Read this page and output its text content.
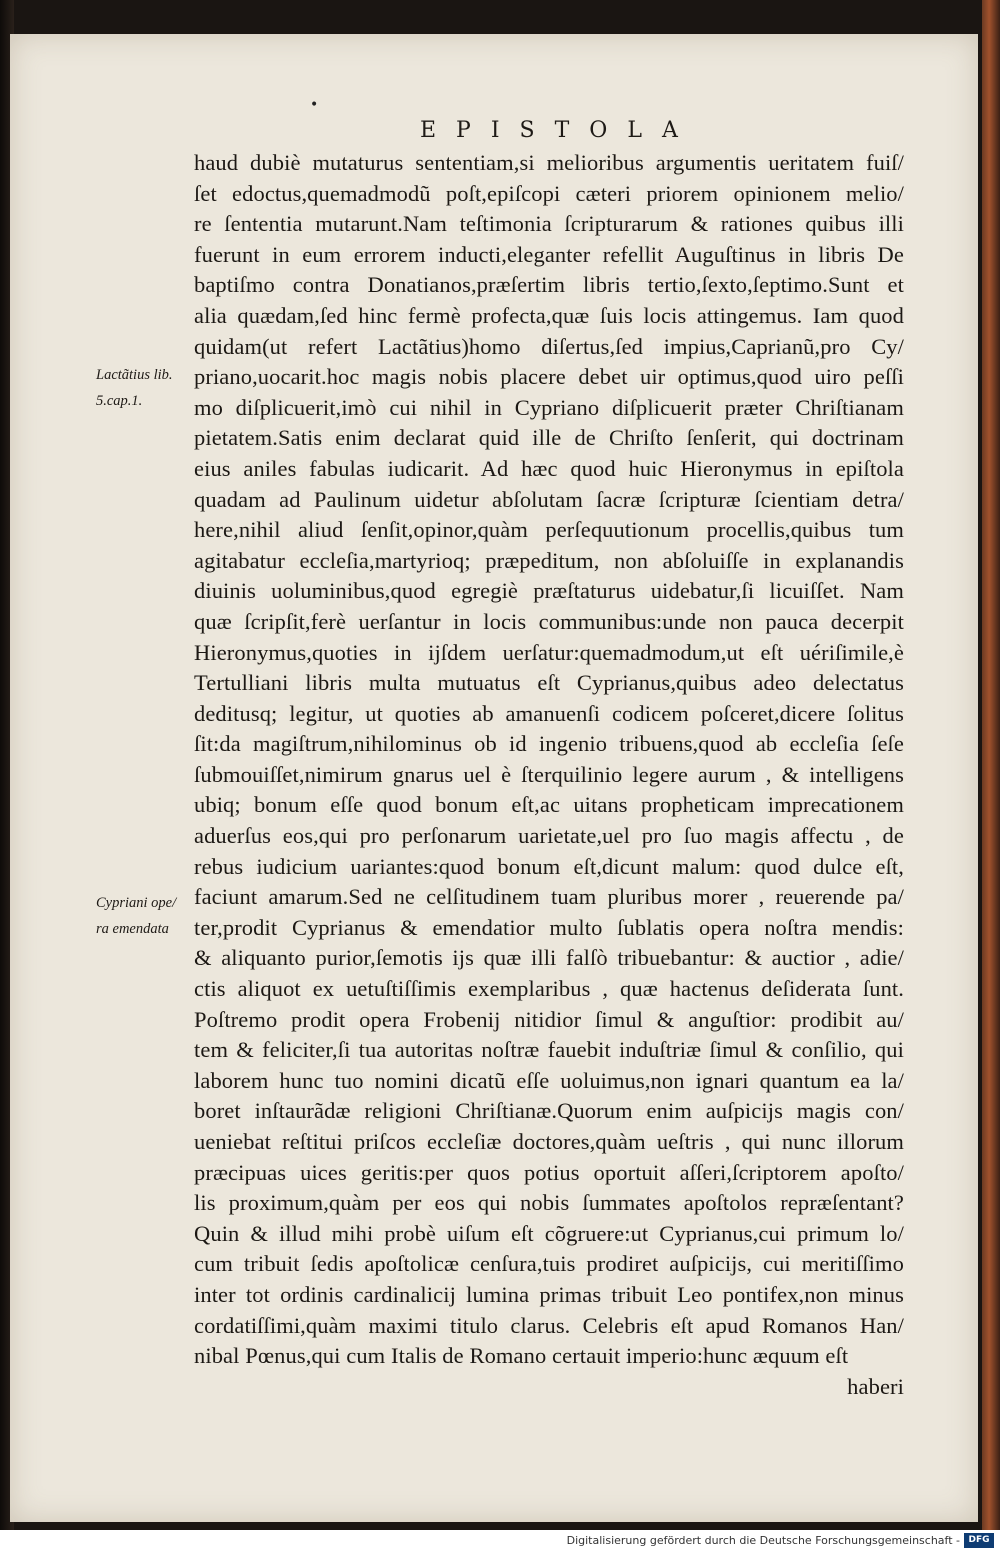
•
EPISTOLA
Lactãtius lib.
5.cap.1.
Cypriani ope/
ra emendata
haud dubiè mutaturus sententiam,si melioribus argumentis ueritatem fuiſ/
ſet edoctus,quemadmodũ poſt,epiſcopi cæteri priorem opinionem melio/
re ſententia mutarunt.Nam teſtimonia ſcripturarum & rationes quibus illi
fuerunt in eum errorem inducti,eleganter refellit Auguſtinus in libris De
baptiſmo contra Donatianos,præſertim libris tertio,ſexto,ſeptimo.Sunt et
alia quædam,ſed hinc fermè profecta,quæ ſuis locis attingemus. Iam quod
quidam(ut refert Lactãtius)homo diſertus,ſed impius,Caprianũ,pro Cy/
priano,uocarit.hoc magis nobis placere debet uir optimus,quod uiro peſſi
mo diſplicuerit,imò cui nihil in Cypriano diſplicuerit præter Chriſtianam
pietatem.Satis enim declarat quid ille de Chriſto ſenſerit, qui doctrinam
eius aniles fabulas iudicarit. Ad hæc quod huic Hieronymus in epiſtola
quadam ad Paulinum uidetur abſolutam ſacræ ſcripturæ ſcientiam detra/
here,nihil aliud ſenſit,opinor,quàm perſequutionum procellis,quibus tum
agitabatur eccleſia,martyrioq; præpeditum, non abſoluiſſe in explanandis
diuinis uoluminibus,quod egregiè præſtaturus uidebatur,ſi licuiſſet. Nam
quæ ſcripſit,ferè uerſantur in locis communibus:unde non pauca decerpit
Hieronymus,quoties in ijſdem uerſatur:quemadmodum,ut eſt uériſimile,è
Tertulliani libris multa mutuatus eſt Cyprianus,quibus adeo delectatus
deditusq; legitur, ut quoties ab amanuenſi codicem poſceret,dicere ſolitus
ſit:da magiſtrum,nihilominus ob id ingenio tribuens,quod ab eccleſia ſeſe
ſubmouiſſet,nimirum gnarus uel è ſterquilinio legere aurum , & intelligens
ubiq; bonum eſſe quod bonum eſt,ac uitans propheticam imprecationem
aduerſus eos,qui pro perſonarum uarietate,uel pro ſuo magis affectu , de
rebus iudicium uariantes:quod bonum eſt,dicunt malum: quod dulce eſt,
faciunt amarum.Sed ne celſitudinem tuam pluribus morer , reuerende pa/
ter,prodit Cyprianus & emendatior multo ſublatis opera noſtra mendis:
& aliquanto purior,ſemotis ijs quæ illi falſò tribuebantur: & auctior , adie/
ctis aliquot ex uetuſtiſſimis exemplaribus , quæ hactenus deſiderata ſunt.
Poſtremo prodit opera Frobenij nitidior ſimul & anguſtior: prodibit au/
tem & feliciter,ſi tua autoritas noſtræ fauebit induſtriæ ſimul & conſilio, qui
laborem hunc tuo nomini dicatũ eſſe uoluimus,non ignari quantum ea la/
boret inſtaurãdæ religioni Chriſtianæ.Quorum enim auſpicijs magis con/
ueniebat reſtitui priſcos eccleſiæ doctores,quàm ueſtris , qui nunc illorum
præcipuas uices geritis:per quos potius oportuit aſſeri,ſcriptorem apoſto/
lis proximum,quàm per eos qui nobis ſummates apoſtolos repræſentant?
Quin & illud mihi probè uiſum eſt cõgruere:ut Cyprianus,cui primum lo/
cum tribuit ſedis apoſtolicæ cenſura,tuis prodiret auſpicijs, cui meritiſſimo
inter tot ordinis cardinalicij lumina primas tribuit Leo pontifex,non minus
cordatiſſimi,quàm maximi titulo clarus. Celebris eſt apud Romanos Han/
nibal Pœnus,qui cum Italis de Romano certauit imperio:hunc æquum eſt
haberi
Digitalisierung gefördert durch die Deutsche Forschungsgemeinschaft - DFG
